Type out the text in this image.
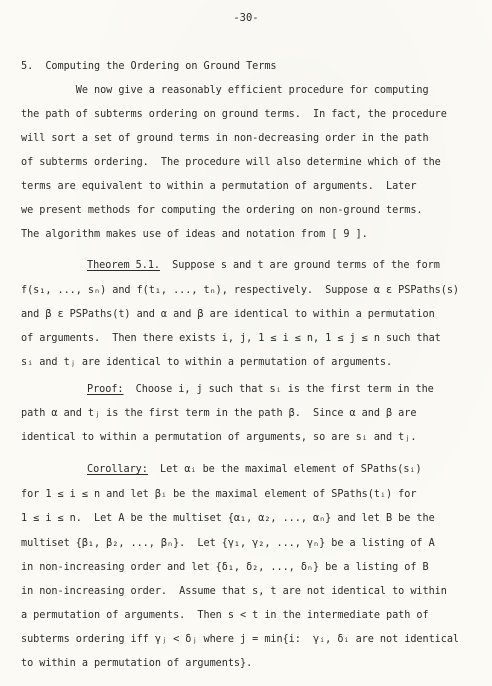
-30-
5.  Computing the Ordering on Ground Terms
We now give a reasonably efficient procedure for computing
the path of subterms ordering on ground terms.  In fact, the procedure
will sort a set of ground terms in non-decreasing order in the path
of subterms ordering.  The procedure will also determine which of the
terms are equivalent to within a permutation of arguments.  Later
we present methods for computing the ordering on non-ground terms.
The algorithm makes use of ideas and notation from [ 9 ].
Theorem 5.1.  Suppose s and t are ground terms of the form
f(s₁, ..., sₙ) and f(t₁, ..., tₙ), respectively.  Suppose α ε PSPaths(s)
and β ε PSPaths(t) and α and β are identical to within a permutation
of arguments.  Then there exists i, j, 1 ≤ i ≤ n, 1 ≤ j ≤ n such that
sᵢ and tⱼ are identical to within a permutation of arguments.
Proof:  Choose i, j such that sᵢ is the first term in the
path α and tⱼ is the first term in the path β.  Since α and β are
identical to within a permutation of arguments, so are sᵢ and tⱼ.
Corollary:  Let αᵢ be the maximal element of SPaths(sᵢ)
for 1 ≤ i ≤ n and let βᵢ be the maximal element of SPaths(tᵢ) for
1 ≤ i ≤ n.  Let A be the multiset {α₁, α₂, ..., αₙ} and let B be the
multiset {β₁, β₂, ..., βₙ}.  Let {γ₁, γ₂, ..., γₙ} be a listing of A
in non-increasing order and let {δ₁, δ₂, ..., δₙ} be a listing of B
in non-increasing order.  Assume that s, t are not identical to within
a permutation of arguments.  Then s < t in the intermediate path of
subterms ordering iff γⱼ < δⱼ where j = min{i:  γᵢ, δᵢ are not identical
to within a permutation of arguments}.
